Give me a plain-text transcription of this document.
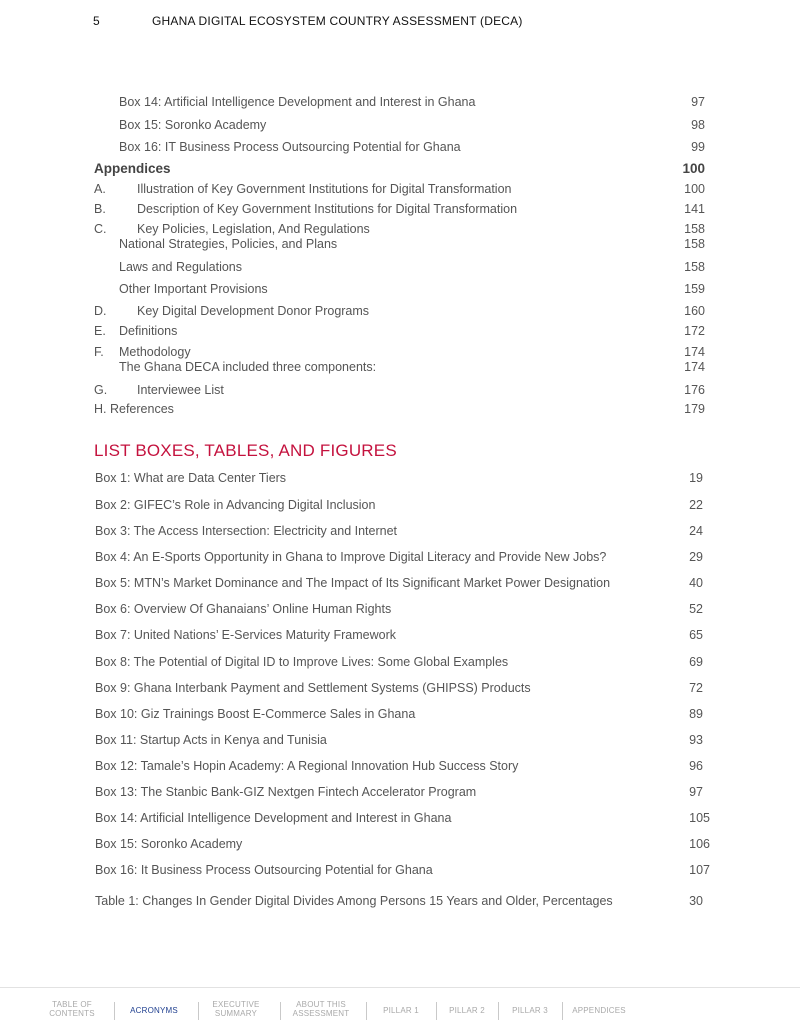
5	GHANA DIGITAL ECOSYSTEM COUNTRY ASSESSMENT (DECA)
Box 14: Artificial Intelligence Development and Interest in Ghana	97
Box 15: Soronko Academy	98
Box 16: IT Business Process Outsourcing Potential for Ghana	99
Appendices	100
A. Illustration of Key Government Institutions for Digital Transformation	100
B. Description of Key Government Institutions for Digital Transformation	141
C. Key Policies, Legislation, And Regulations	158
National Strategies, Policies, and Plans	158
Laws and Regulations	158
Other Important Provisions	159
D. Key Digital Development Donor Programs	160
E. Definitions	172
F. Methodology	174
The Ghana DECA included three components:	174
G. Interviewee List	176
H. References	179
LIST BOXES, TABLES, AND FIGURES
Box 1: What are Data Center Tiers	19
Box 2: GIFEC’s Role in Advancing Digital Inclusion	22
Box 3: The Access Intersection: Electricity and Internet	24
Box 4: An E-Sports Opportunity in Ghana to Improve Digital Literacy and Provide New Jobs?	29
Box 5: MTN’s Market Dominance and The Impact of Its Significant Market Power Designation	40
Box 6: Overview Of Ghanaians’ Online Human Rights	52
Box 7: United Nations’ E-Services Maturity Framework	65
Box 8: The Potential of Digital ID to Improve Lives: Some Global Examples	69
Box 9: Ghana Interbank Payment and Settlement Systems (GHIPSS) Products	72
Box 10: Giz Trainings Boost E-Commerce Sales in Ghana	89
Box 11: Startup Acts in Kenya and Tunisia	93
Box 12: Tamale’s Hopin Academy: A Regional Innovation Hub Success Story	96
Box 13: The Stanbic Bank-GIZ Nextgen Fintech Accelerator Program	97
Box 14: Artificial Intelligence Development and Interest in Ghana	105
Box 15: Soronko Academy	106
Box 16: It Business Process Outsourcing Potential for Ghana	107
Table 1: Changes In Gender Digital Divides Among Persons 15 Years and Older, Percentages	30
TABLE OF
CONTENTS	ACRONYMS
EXECUTIVE
SUMMARY
ABOUT THIS
ASSESSMENT	PILLAR 1	PILLAR 2	PILLAR 3	APPENDICES
